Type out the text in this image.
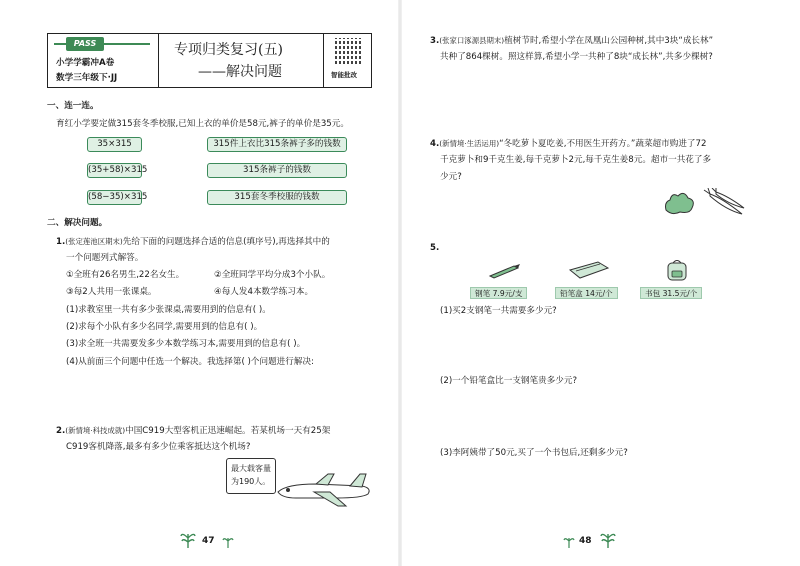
PASS
小学学霸冲A卷
数学三年级下·JJ
专项归类复习(五)
——解决问题	智能批改
一、连一连。
育红小学要定做315套冬季校服,已知上衣的单价是58元,裤子的单价是35元。
35×315
(35+58)×315
(58−35)×315
315件上衣比315条裤子多的钱数
315条裤子的钱数
315套冬季校服的钱数
二、解决问题。
1.(张定莲池区期末)先给下面的问题选择合适的信息(填序号),再选择其中的
一个问题列式解答。
①全班有26名男生,22名女生。	②全班同学平均分成3个小队。
③每2人共用一张课桌。	④每人发4本数学练习本。
(1)求教室里一共有多少张课桌,需要用到的信息有( )。
(2)求每个小队有多少名同学,需要用到的信息有( )。
(3)求全班一共需要发多少本数学练习本,需要用到的信息有( )。
(4)从前面三个问题中任选一个解决。我选择第( )个问题进行解决:
2.(新情境·科技成就)中国C919大型客机正迅速崛起。若某机场一天有25架
C919客机降落,最多有多少位乘客抵达这个机场?
最大载客量
为190人。
47
3.(张家口涿源县期末)植树节时,希望小学在凤凰山公园种树,其中3块“成长林”
共种了864棵树。照这样算,希望小学一共种了8块“成长林”,共多少棵树?
4.(新情境·生活运用)“冬吃萝卜夏吃姜,不用医生开药方。”蔬菜超市购进了72
千克萝卜和9千克生姜,每千克萝卜2元,每千克生姜8元。超市一共花了多
少元?
5.
钢笔 7.9元/支	铅笔盒 14元/个	书包 31.5元/个
(1)买2支钢笔一共需要多少元?
(2)一个铅笔盒比一支钢笔贵多少元?
(3)李阿姨带了50元,买了一个书包后,还剩多少元?
48
